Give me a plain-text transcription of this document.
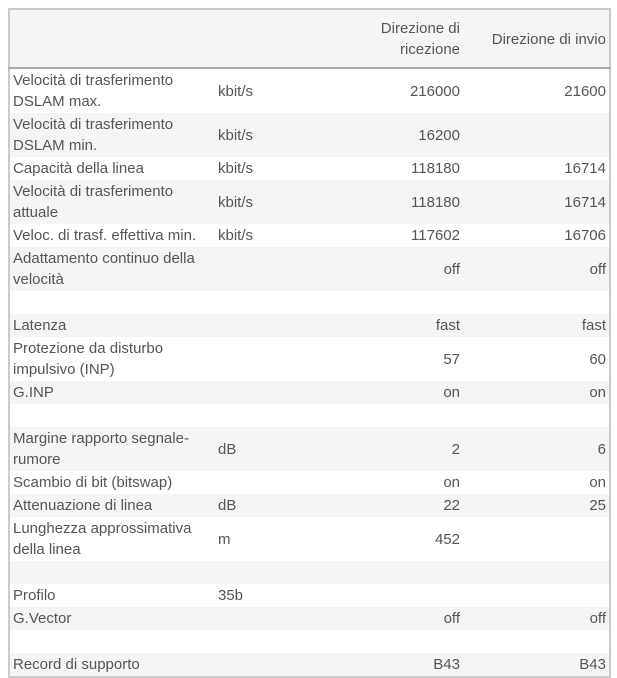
		Direzione di ricezione	Direzione di invio
Velocità di trasferimento DSLAM max.	kbit/s	216000	21600
Velocità di trasferimento DSLAM min.	kbit/s	16200	
Capacità della linea	kbit/s	118180	16714
Velocità di trasferimento attuale	kbit/s	118180	16714
Veloc. di trasf. effettiva min.	kbit/s	117602	16706
Adattamento continuo della velocità		off	off

Latenza		fast	fast
Protezione da disturbo impulsivo (INP)		57	60
G.INP		on	on

Margine rapporto segnale-rumore	dB	2	6
Scambio di bit (bitswap)		on	on
Attenuazione di linea	dB	22	25
Lunghezza approssimativa della linea	m	452	

Profilo	35b		
G.Vector		off	off

Record di supporto		B43	B43
